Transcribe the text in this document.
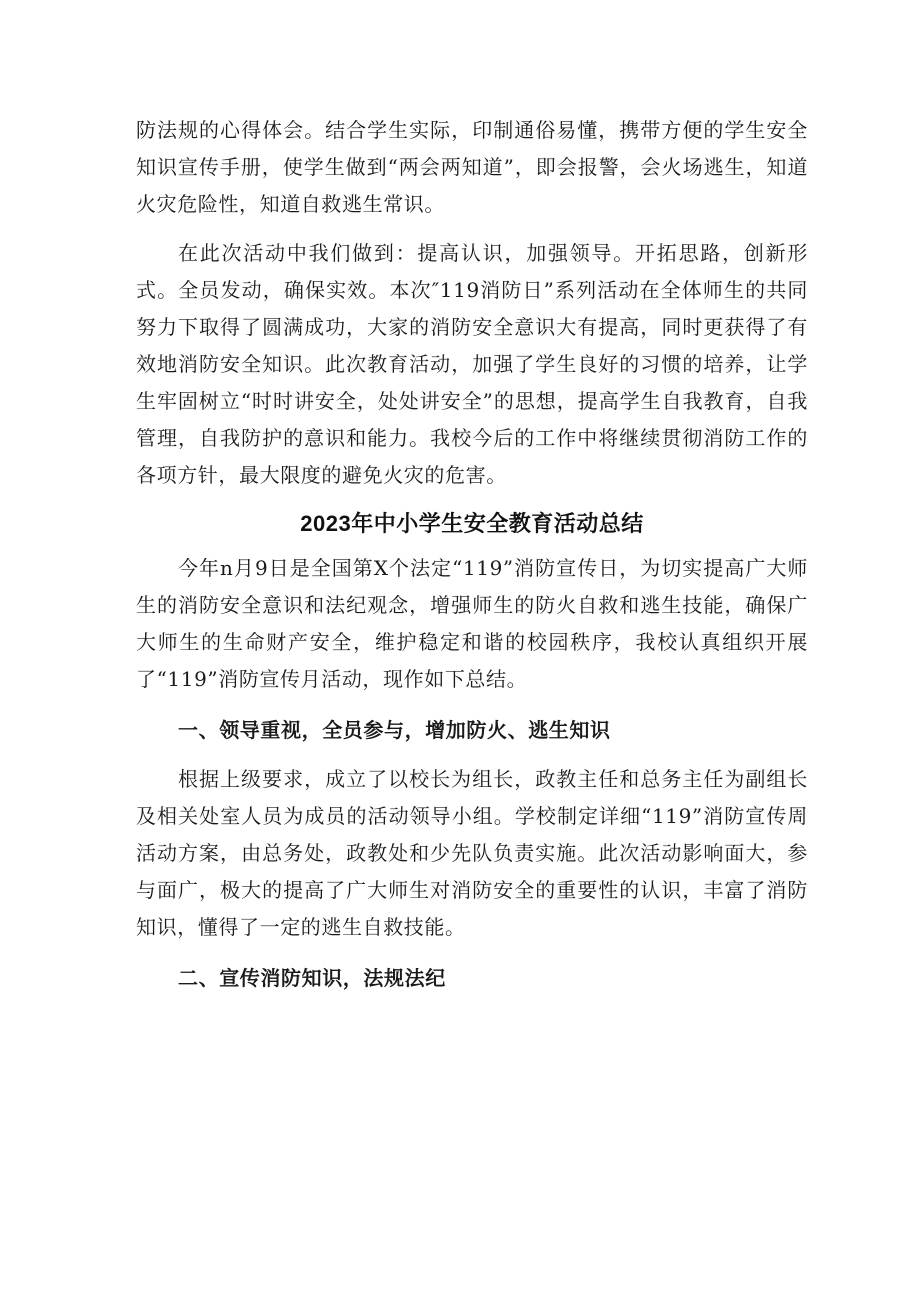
防法规的心得体会。结合学生实际，印制通俗易懂，携带方便的学生安全知识宣传手册，使学生做到“两会两知道”，即会报警，会火场逃生，知道火灾危险性，知道自救逃生常识。

在此次活动中我们做到：提高认识，加强领导。开拓思路，创新形式。全员发动，确保实效。本次″119消防日”系列活动在全体师生的共同努力下取得了圆满成功，大家的消防安全意识大有提高，同时更获得了有效地消防安全知识。此次教育活动，加强了学生良好的习惯的培养，让学生牢固树立“时时讲安全，处处讲安全”的思想，提高学生自我教育，自我管理，自我防护的意识和能力。我校今后的工作中将继续贯彻消防工作的各项方针，最大限度的避免火灾的危害。

2023年中小学生安全教育活动总结

今年n月9日是全国第X个法定“119”消防宣传日，为切实提高广大师生的消防安全意识和法纪观念，增强师生的防火自救和逃生技能，确保广大师生的生命财产安全，维护稳定和谐的校园秩序，我校认真组织开展了“119”消防宣传月活动，现作如下总结。

一、领导重视，全员参与，增加防火、逃生知识

根据上级要求，成立了以校长为组长，政教主任和总务主任为副组长及相关处室人员为成员的活动领导小组。学校制定详细“119”消防宣传周活动方案，由总务处，政教处和少先队负责实施。此次活动影响面大，参与面广，极大的提高了广大师生对消防安全的重要性的认识，丰富了消防知识，懂得了一定的逃生自救技能。

二、宣传消防知识，法规法纪
